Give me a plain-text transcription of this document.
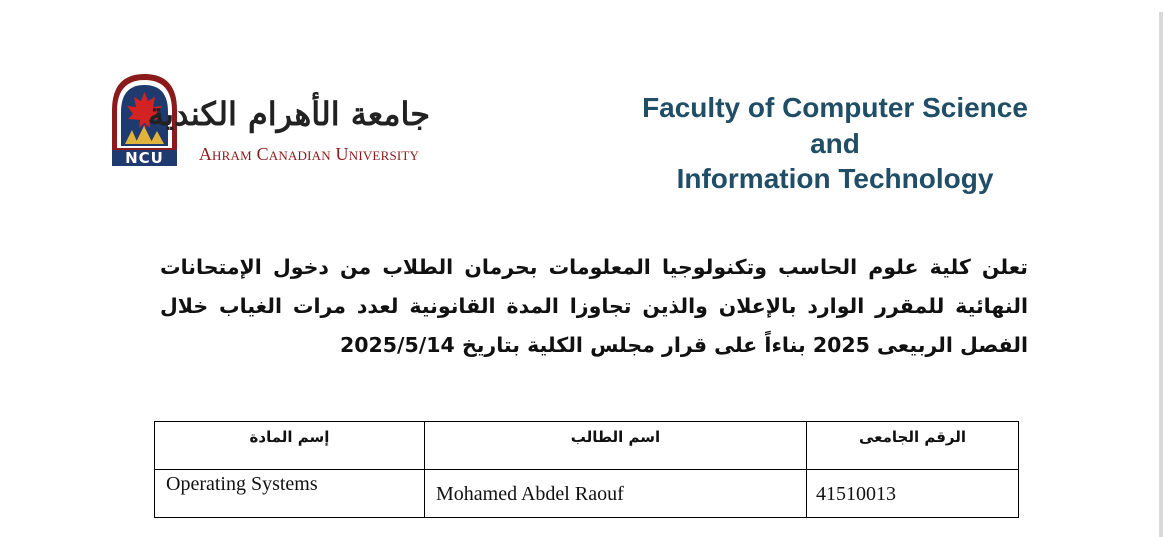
NCU
جامعة الأهرام الكندية
Ahram Canadian University
Faculty of Computer Science
and
Information Technology
تعلن كلية علوم الحاسب وتكنولوجيا المعلومات بحرمان الطلاب من دخول الإمتحانات النهائية للمقرر الوارد بالإعلان والذين تجاوزا المدة القانونية لعدد مرات الغياب خلال الفصل الربيعى 2025 بناءاً على قرار مجلس الكلية بتاريخ 2025/5/14
إسم المادة	اسم الطالب	الرقم الجامعى

Operating Systems	Mohamed Abdel Raouf	41510013
